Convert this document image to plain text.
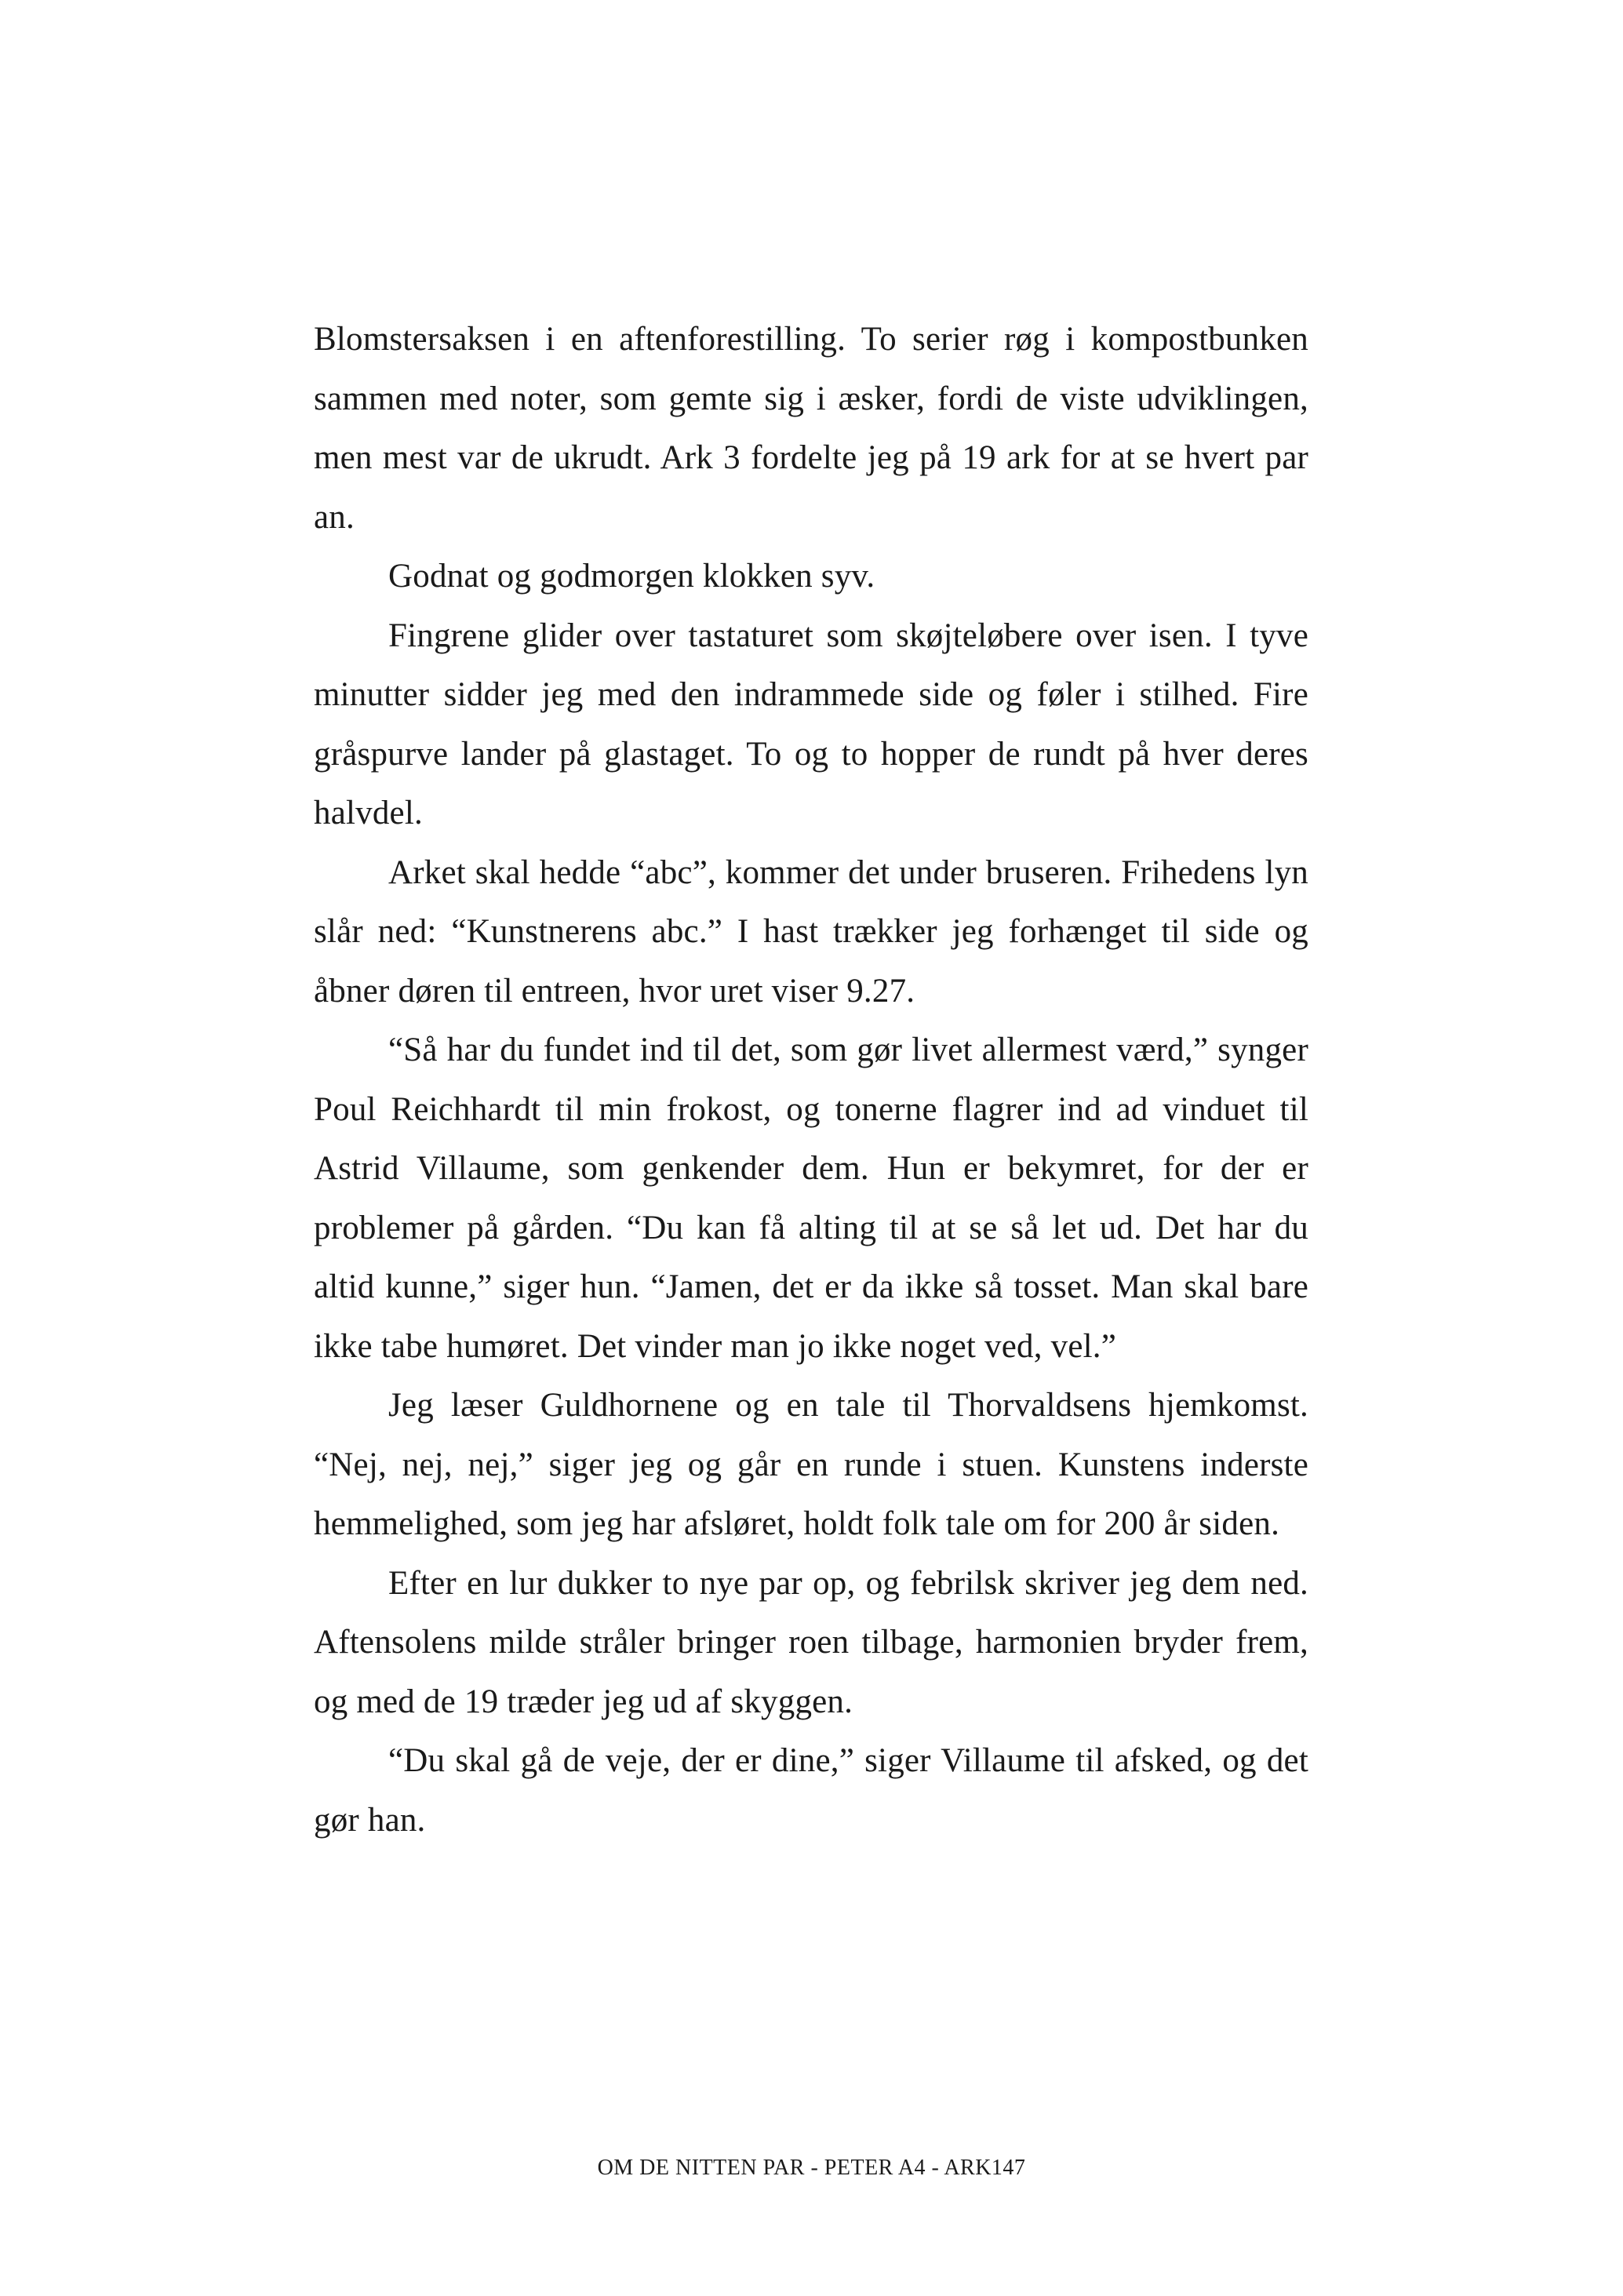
Blomstersaksen i en aftenforestilling. To serier røg i kompostbunken sammen med noter, som gemte sig i æsker, fordi de viste udviklingen, men mest var de ukrudt. Ark 3 fordelte jeg på 19 ark for at se hvert par an.

Godnat og godmorgen klokken syv.

Fingrene glider over tastaturet som skøjteløbere over isen. I tyve minutter sidder jeg med den indrammede side og føler i stilhed. Fire gråspurve lander på glastaget. To og to hopper de rundt på hver deres halvdel.

Arket skal hedde “abc”, kommer det under bruseren. Frihedens lyn slår ned: “Kunstnerens abc.” I hast trækker jeg forhænget til side og åbner døren til entreen, hvor uret viser 9.27.

“Så har du fundet ind til det, som gør livet allermest værd,” synger Poul Reichhardt til min frokost, og tonerne flagrer ind ad vinduet til Astrid Villaume, som genkender dem. Hun er bekymret, for der er problemer på gården. “Du kan få alting til at se så let ud. Det har du altid kunne,” siger hun. “Jamen, det er da ikke så tosset. Man skal bare ikke tabe humøret. Det vinder man jo ikke noget ved, vel.”

Jeg læser Guldhornene og en tale til Thorvaldsens hjemkomst. “Nej, nej, nej,” siger jeg og går en runde i stuen. Kunstens inderste hemmelighed, som jeg har afsløret, holdt folk tale om for 200 år siden.

Efter en lur dukker to nye par op, og febrilsk skriver jeg dem ned. Aftensolens milde stråler bringer roen tilbage, harmonien bryder frem, og med de 19 træder jeg ud af skyggen.

“Du skal gå de veje, der er dine,” siger Villaume til afsked, og det gør han.

OM DE NITTEN PAR - PETER A4 - ARK147
